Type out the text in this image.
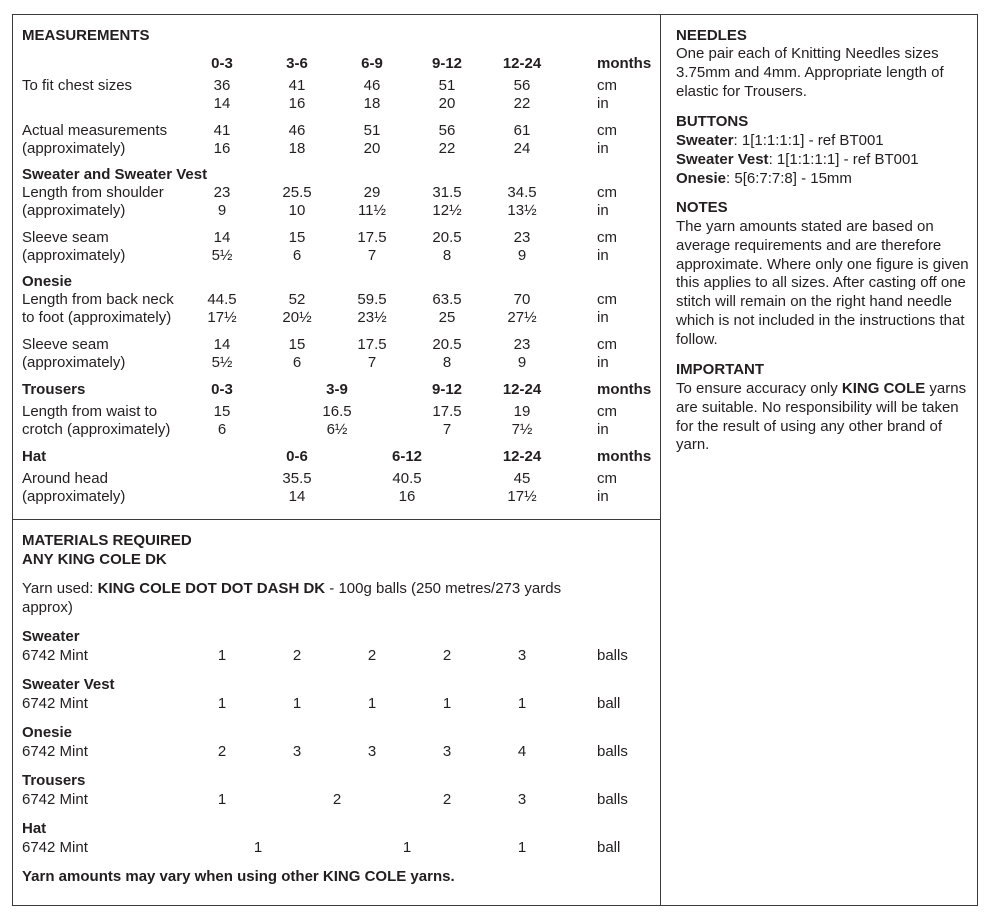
MEASUREMENTS
0-3	3-6	6-9	9-12	12-24	months
To fit chest sizes	36	41	46	51	56	cm
14	16	18	20	22	in
Actual measurements	41	46	51	56	61	cm
(approximately)	16	18	20	22	24	in
Sweater and Sweater Vest
Length from shoulder	23	25.5	29	31.5	34.5	cm
(approximately)	9	10	11½	12½	13½	in
Sleeve seam	14	15	17.5	20.5	23	cm
(approximately)	5½	6	7	8	9	in
Onesie
Length from back neck 44.5	52	59.5	63.5	70	cm
to foot (approximately) 17½	20½	23½	25	27½	in
Sleeve seam	14	15	17.5	20.5	23	cm
(approximately)	5½	6	7	8	9	in
Trousers	0-3	3-9	9-12	12-24	months
Length from waist to	15	16.5	17.5	19	cm
crotch (approximately)	6	6½	7	7½	in
Hat	0-6	6-12	12-24	months
Around head	35.5	40.5	45	cm
(approximately)	14	16	17½	in
MATERIALS REQUIRED
ANY KING COLE DK
Yarn used: KING COLE DOT DOT DASH DK - 100g balls (250 metres/273 yards
approx)
Sweater
6742 Mint	1	2	2	2	3	balls
Sweater Vest
6742 Mint	1	1	1	1	1	ball
Onesie
6742 Mint	2	3	3	3	4	balls
Trousers
6742 Mint	1	2	2	3	balls
Hat
6742 Mint	1	1	1	ball
Yarn amounts may vary when using other KING COLE yarns.
NEEDLES
One pair each of Knitting Needles sizes 3.75mm and 4mm. Appropriate length of elastic for Trousers.
BUTTONS
Sweater: 1[1:1:1:1] - ref BT001
Sweater Vest: 1[1:1:1:1] - ref BT001
Onesie: 5[6:7:7:8] - 15mm
NOTES
The yarn amounts stated are based on average requirements and are therefore approximate. Where only one figure is given this applies to all sizes. After casting off one stitch will remain on the right hand needle which is not included in the instructions that follow.
IMPORTANT
To ensure accuracy only KING COLE yarns are suitable. No responsibility will be taken for the result of using any other brand of yarn.
